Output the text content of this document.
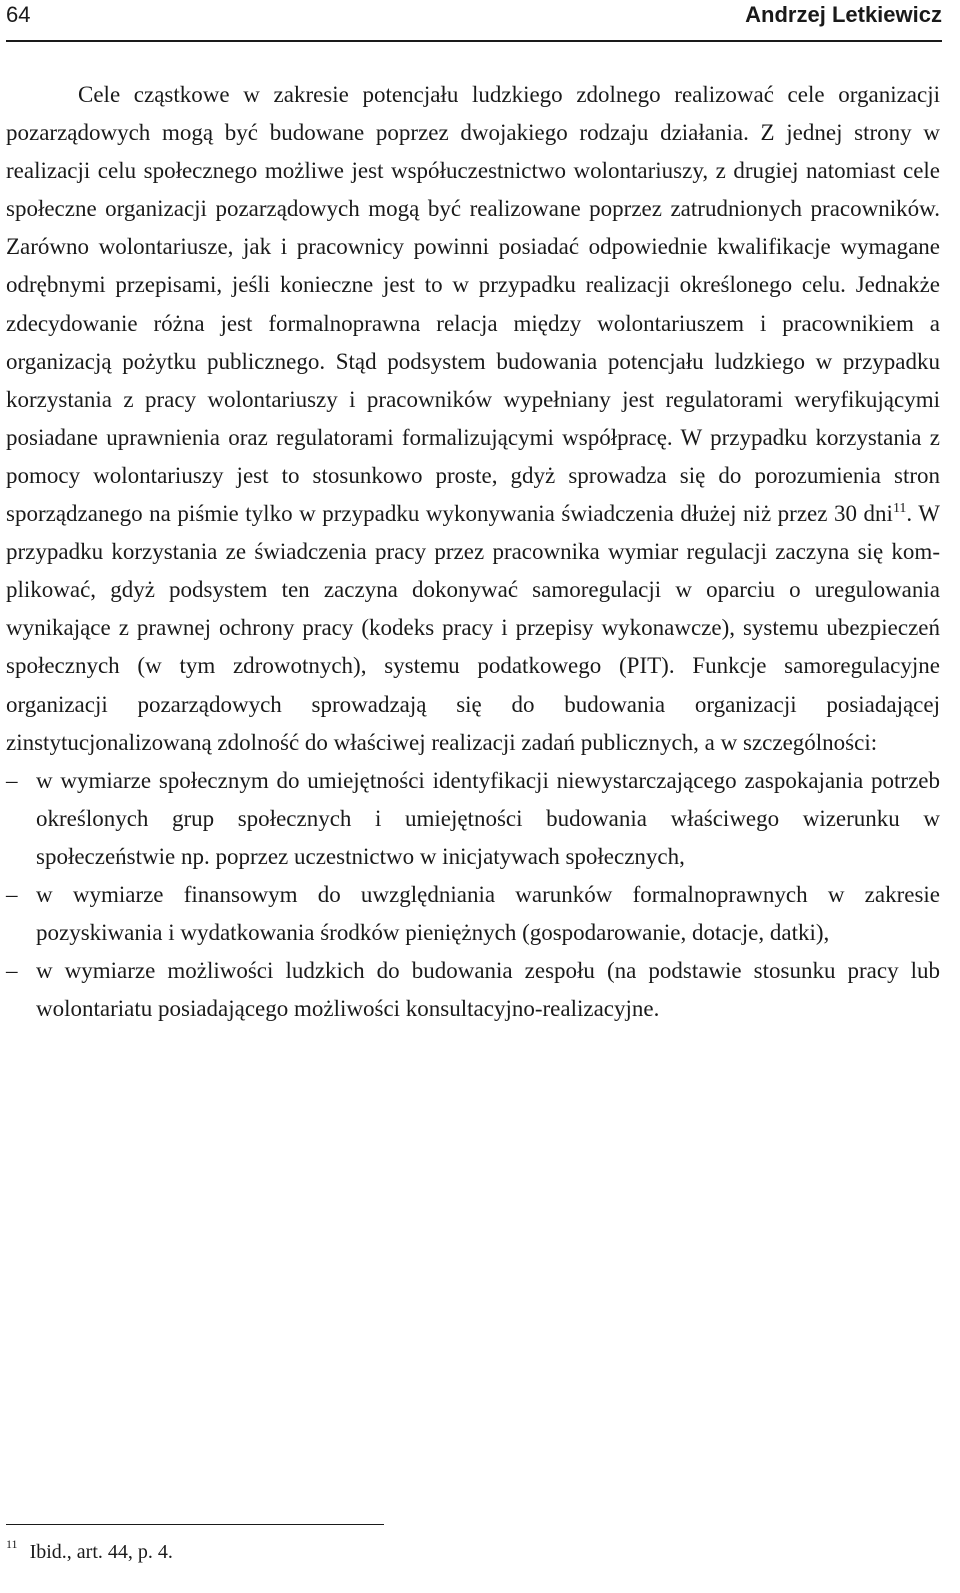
64	Andrzej Letkiewicz

Cele cząstkowe w zakresie potencjału ludzkiego zdolnego realizować cele organizacji pozarządowych mogą być budowane poprzez dwojakiego rodzaju działania. Z jednej strony w realizacji celu społecznego możliwe jest współuczestnictwo wolontariuszy, z drugiej natomiast cele społeczne organizacji pozarządowych mogą być realizowane poprzez zatrudnionych pracowników. Zarówno wolontariusze, jak i pracownicy powinni posiadać odpowiednie kwalifikacje wymagane odrębnymi przepisami, jeśli konieczne jest to w przypadku realizacji określonego celu. Jednakże zdecydowanie różna jest formalnoprawna relacja między wolontariuszem i pracownikiem a organizacją pożytku publicznego. Stąd podsystem budowania potencjału ludzkiego w przypadku korzystania z pracy wolontariuszy i pracowników wypełniany jest regulatorami weryfikującymi posiadane uprawnienia oraz regulatorami formalizującymi współpracę. W przypadku korzystania z pomocy wolontariuszy jest to stosunkowo proste, gdyż sprowadza się do porozumienia stron sporządzanego na piśmie tylko w przypadku wykonywania świadczenia dłużej niż przez 30 dni$^{11}$. W przypadku korzystania ze świadczenia pracy przez pracownika wymiar regulacji zaczyna się komplikować, gdyż podsystem ten zaczyna dokonywać samoregulacji w oparciu o uregulowania wynikające z prawnej ochrony pracy (kodeks pracy i przepisy wykonawcze), systemu ubezpieczeń społecznych (w tym zdrowotnych), systemu podatkowego (PIT). Funkcje samoregulacyjne organizacji pozarządowych sprowadzają się do budowania organizacji posiadającej zinstytucjonalizowaną zdolność do właściwej realizacji zadań publicznych, a w szczególności:

– w wymiarze społecznym do umiejętności identyfikacji niewystarczającego zaspokajania potrzeb określonych grup społecznych i umiejętności budowania właściwego wizerunku w społeczeństwie np. poprzez uczestnictwo w inicjatywach społecznych,
– w wymiarze finansowym do uwzględniania warunków formalnoprawnych w zakresie pozyskiwania i wydatkowania środków pieniężnych (gospodarowanie, dotacje, datki),
– w wymiarze możliwości ludzkich do budowania zespołu (na podstawie stosunku pracy lub wolontariatu posiadającego możliwości konsultacyjno-realizacyjne.
$^{11}$ Ibid., art. 44, p. 4.
